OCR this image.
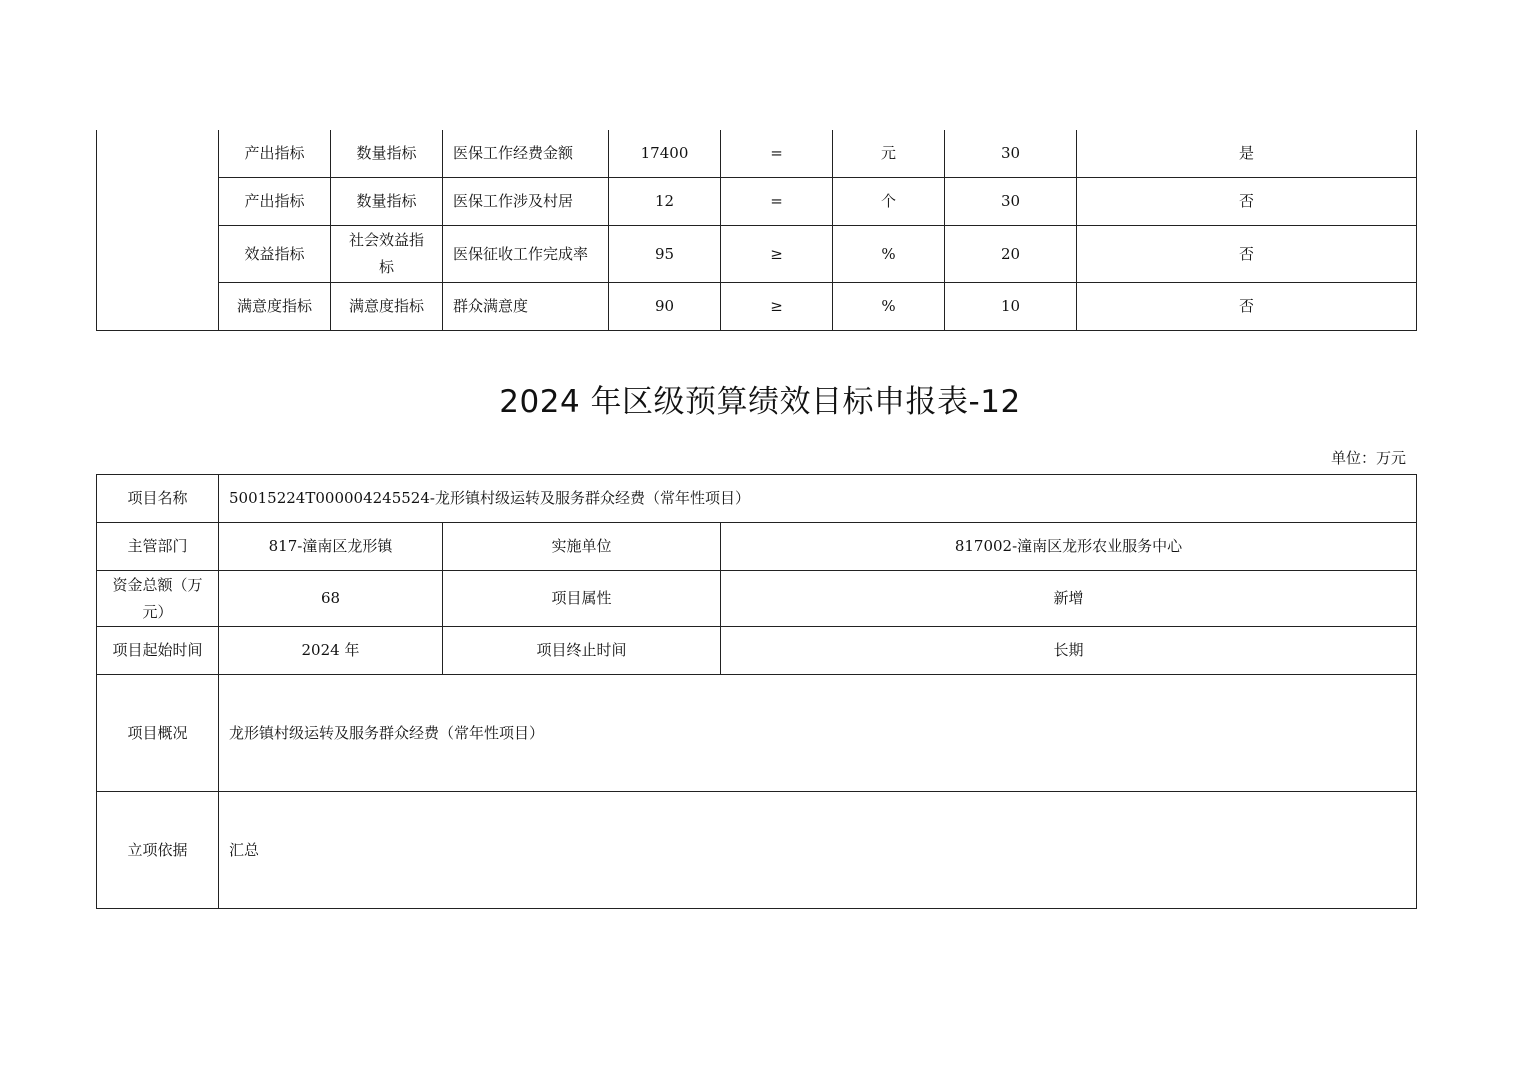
	产出指标	数量指标	医保工作经费金额	17400	=	元	30	是
	产出指标	数量指标	医保工作涉及村居	12	=	个	30	否
	效益指标	社会效益指标	医保征收工作完成率	95	≥	%	20	否
	满意度指标	满意度指标	群众满意度	90	≥	%	10	否
2024 年区级预算绩效目标申报表-12
单位：万元
项目名称	50015224T000004245524-龙形镇村级运转及服务群众经费（常年性项目）		
主管部门	817-潼南区龙形镇	实施单位	817002-潼南区龙形农业服务中心
资金总额（万元）	68	项目属性	新增
项目起始时间	2024 年	项目终止时间	长期
项目概况	龙形镇村级运转及服务群众经费（常年性项目）		
立项依据	汇总		
